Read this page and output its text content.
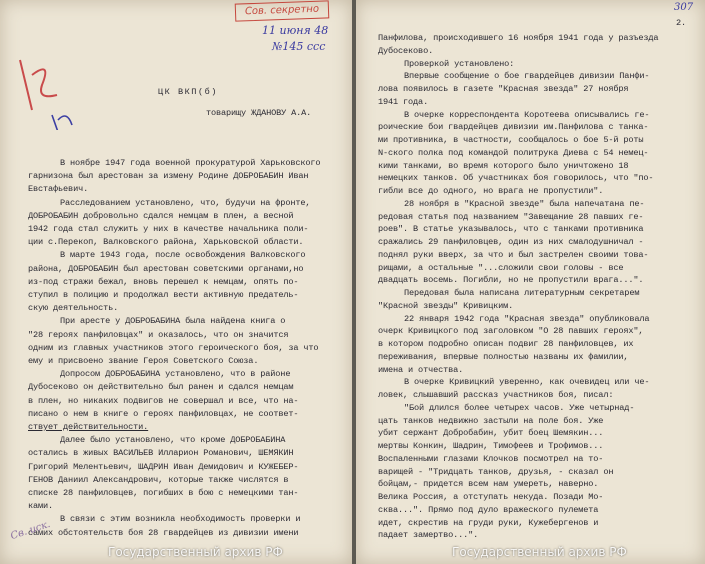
Сов. секретно
11 июня 48
№145 ссс
ЦК ВКП(б)
товарищу ЖДАНОВУ А.А.
В ноябре 1947 года военной прокуратурой Харьковского
гарнизона был арестован за измену Родине ДОБРОБАБИН Иван
Евстафьевич.
Расследованием установлено, что, будучи на фронте,
ДОБРОБАБИН добровольно сдался немцам в плен, а весной
1942 года стал служить у них в качестве начальника поли-
ции с.Перекоп, Валковского района, Харьковской области.
В марте 1943 года, после освобождения Валковского
района, ДОБРОБАБИН был арестован советскими органами,но
из-под стражи бежал, вновь перешел к немцам, опять по-
ступил в полицию и продолжал вести активную предатель-
скую деятельность.
При аресте у ДОБРОБАБИНА была найдена книга о
"28 героях панфиловцах" и оказалось, что он значится
одним из главных участников этого героического боя, за что
ему и присвоено звание Героя Советского Союза.
Допросом ДОБРОБАБИНА установлено, что в районе
Дубосеково он действительно был ранен и сдался немцам
в плен, но никаких подвигов не совершал и все, что на-
писано о нем в книге о героях панфиловцах, не соответ-
ствует действительности.
Далее было установлено, что кроме ДОБРОБАБИНА
остались в живых ВАСИЛЬЕВ Илларион Романович, ШЕМЯКИН
Григорий Мелентьевич, ШАДРИН Иван Демидович и КУЖЕБЕР-
ГЕНОВ Даниил Александрович, которые также числятся в
списке 28 панфиловцев, погибших в бою с немецкими тан-
ками.
В связи с этим возникла необходимость проверки и
самих обстоятельств боя 28 гвардейцев из дивизии имени
Св. иск.
Государственный архив РФ
307
2.
Панфилова, происходившего 16 ноября 1941 года у разъезда
Дубосеково.
Проверкой установлено:
Впервые сообщение о бое гвардейцев дивизии Панфи-
лова появилось в газете "Красная звезда" 27 ноября
1941 года.
В очерке корреспондента Коротеева описывались ге-
роические бои гвардейцев дивизии им.Панфилова с танка-
ми противника, в частности, сообщалось о бое 5-й роты
N-ского полка под командой политрука Диева с 54 немец-
кими танками, во время которого было уничтожено 18
немецких танков. Об участниках боя говорилось, что "по-
гибли все до одного, но врага не пропустили".
28 ноября в "Красной звезде" была напечатана пе-
редовая статья под названием "Завещание 28 павших ге-
роев". В статье указывалось, что с танками противника
сражались 29 панфиловцев, один из них смалодушничал -
поднял руки вверх, за что и был застрелен своими това-
рищами, а остальные "...сложили свои головы - все
двадцать восемь. Погибли, но не пропустили врага...".
Передовая была написана литературным секретарем
"Красной звезды" Кривицким.
22 января 1942 года "Красная звезда" опубликовала
очерк Кривицкого под заголовком "О 28 павших героях",
в котором подробно описан подвиг 28 панфиловцев, их
переживания, впервые полностью названы их фамилии,
имена и отчества.
В очерке Кривицкий уверенно, как очевидец или че-
ловек, слышавший рассказ участников боя, писал:
"Бой длился более четырех часов. Уже четырнад-
цать танков недвижно застыли на поле боя. Уже
убит сержант Добробабин, убит боец Шемякин...
мертвы Конкин, Шадрин, Тимофеев и Трофимов...
Воспаленными глазами Клочков посмотрел на то-
варищей - "Тридцать танков, друзья, - сказал он
бойцам,- придется всем нам умереть, наверно.
Велика Россия, а отступать некуда. Позади Мо-
сква...". Прямо под дуло вражеского пулемета
идет, скрестив на груди руки, Кужебергенов и
падает замертво...".
Государственный архив РФ
